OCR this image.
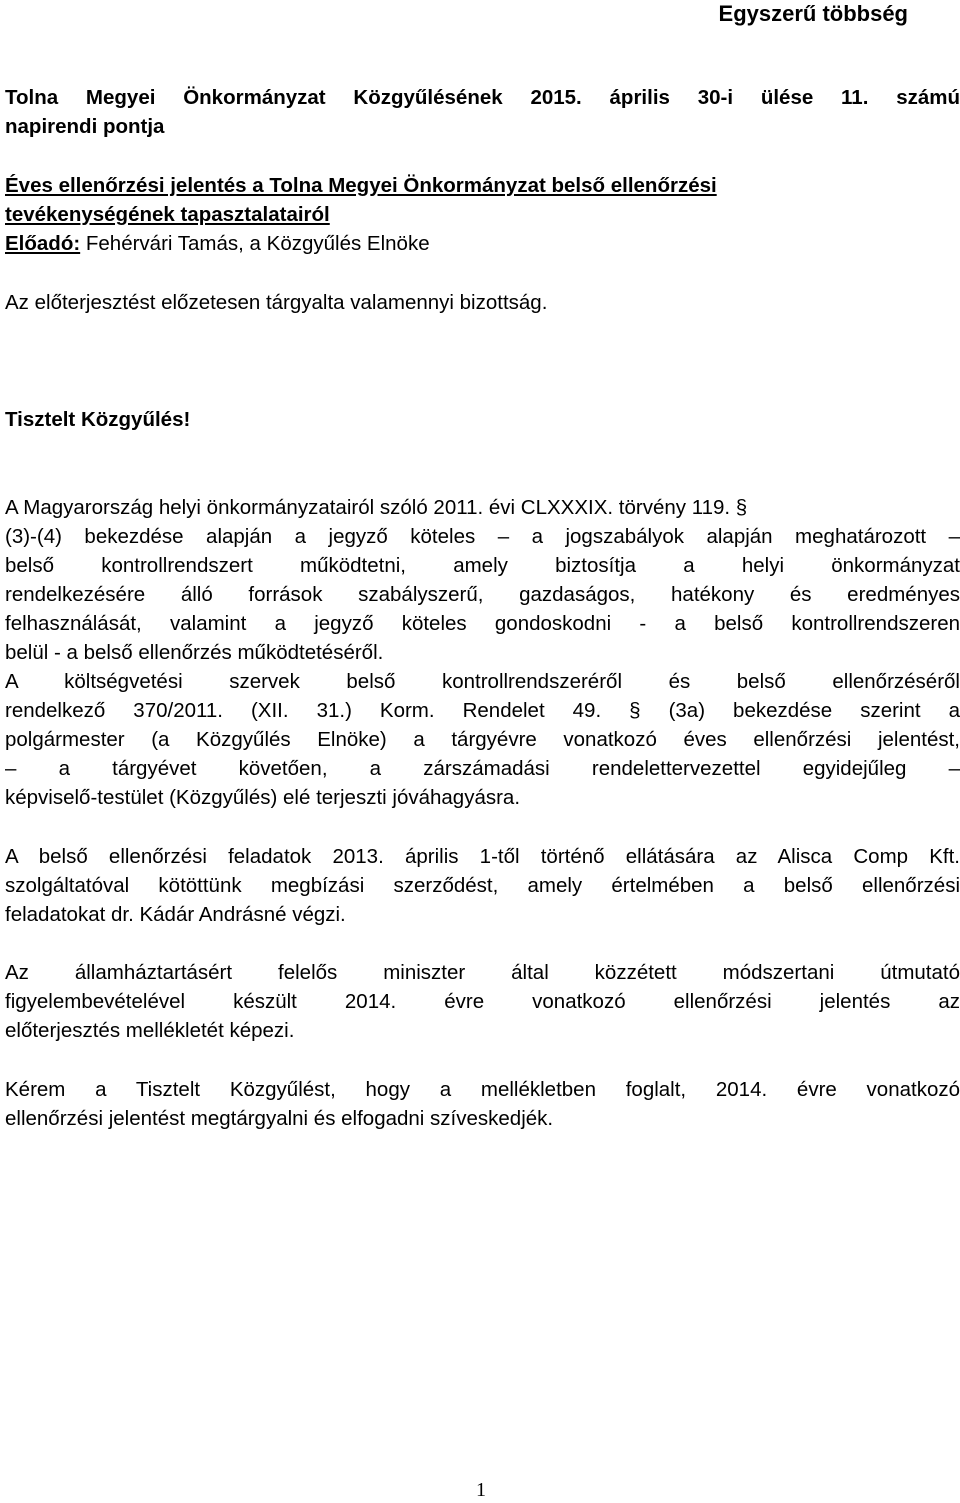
Egyszerű többség
Tolna Megyei Önkormányzat Közgyűlésének 2015. április 30-i ülése 11. számú
napirendi pontja
Éves ellenőrzési jelentés a Tolna Megyei Önkormányzat belső ellenőrzési
tevékenységének tapasztalatairól
Előadó: Fehérvári Tamás, a Közgyűlés Elnöke
Az előterjesztést előzetesen tárgyalta valamennyi bizottság.
Tisztelt Közgyűlés!
A Magyarország helyi önkormányzatairól szóló 2011. évi CLXXXIX. törvény 119. §
(3)-(4) bekezdése alapján a jegyző köteles – a jogszabályok alapján meghatározott –
belső kontrollrendszert működtetni, amely biztosítja a helyi önkormányzat
rendelkezésére álló források szabályszerű, gazdaságos, hatékony és eredményes
felhasználását, valamint a jegyző köteles gondoskodni - a belső kontrollrendszeren
belül - a belső ellenőrzés működtetéséről.
A költségvetési szervek belső kontrollrendszeréről és belső ellenőrzéséről
rendelkező 370/2011. (XII. 31.) Korm. Rendelet 49. § (3a) bekezdése szerint a
polgármester (a Közgyűlés Elnöke) a tárgyévre vonatkozó éves ellenőrzési jelentést,
– a tárgyévet követően, a zárszámadási rendelettervezettel egyidejűleg –
képviselő-testület (Közgyűlés) elé terjeszti jóváhagyásra.
A belső ellenőrzési feladatok 2013. április 1-től történő ellátására az Alisca Comp Kft.
szolgáltatóval kötöttünk megbízási szerződést, amely értelmében a belső ellenőrzési
feladatokat dr. Kádár Andrásné végzi.
Az államháztartásért felelős miniszter által közzétett módszertani útmutató
figyelembevételével készült 2014. évre vonatkozó ellenőrzési jelentés az
előterjesztés mellékletét képezi.
Kérem a Tisztelt Közgyűlést, hogy a mellékletben foglalt, 2014. évre vonatkozó
ellenőrzési jelentést megtárgyalni és elfogadni szíveskedjék.
1
